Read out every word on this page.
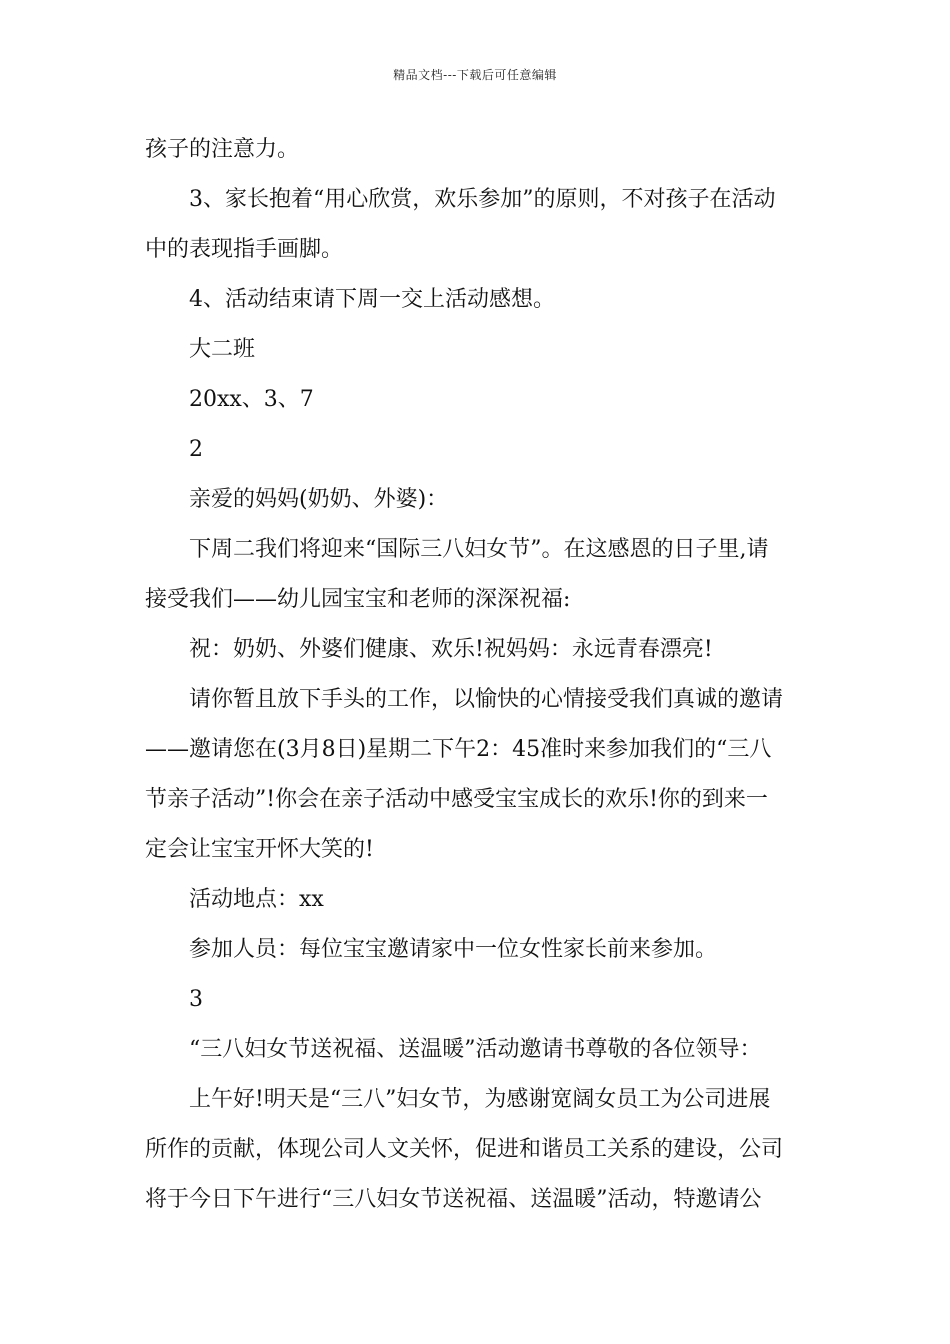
精品文档---下载后可任意编辑
孩子的注意力。
3、家长抱着“用心欣赏，欢乐参加”的原则，不对孩子在活动
中的表现指手画脚。
4、活动结束请下周一交上活动感想。
大二班
20xx、3、7
2
亲爱的妈妈(奶奶、外婆)：
下周二我们将迎来“国际三八妇女节”。在这感恩的日子里,请
接受我们——幼儿园宝宝和老师的深深祝福:
祝：奶奶、外婆们健康、欢乐!祝妈妈：永远青春漂亮!
请你暂且放下手头的工作，以愉快的心情接受我们真诚的邀请
——邀请您在(3月8日)星期二下午2：45准时来参加我们的“三八
节亲子活动”!你会在亲子活动中感受宝宝成长的欢乐!你的到来一
定会让宝宝开怀大笑的!
活动地点：xx
参加人员：每位宝宝邀请家中一位女性家长前来参加。
3
“三八妇女节送祝福、送温暖”活动邀请书尊敬的各位领导：
上午好!明天是“三八”妇女节，为感谢宽阔女员工为公司进展
所作的贡献，体现公司人文关怀，促进和谐员工关系的建设，公司
将于今日下午进行“三八妇女节送祝福、送温暖”活动，特邀请公
